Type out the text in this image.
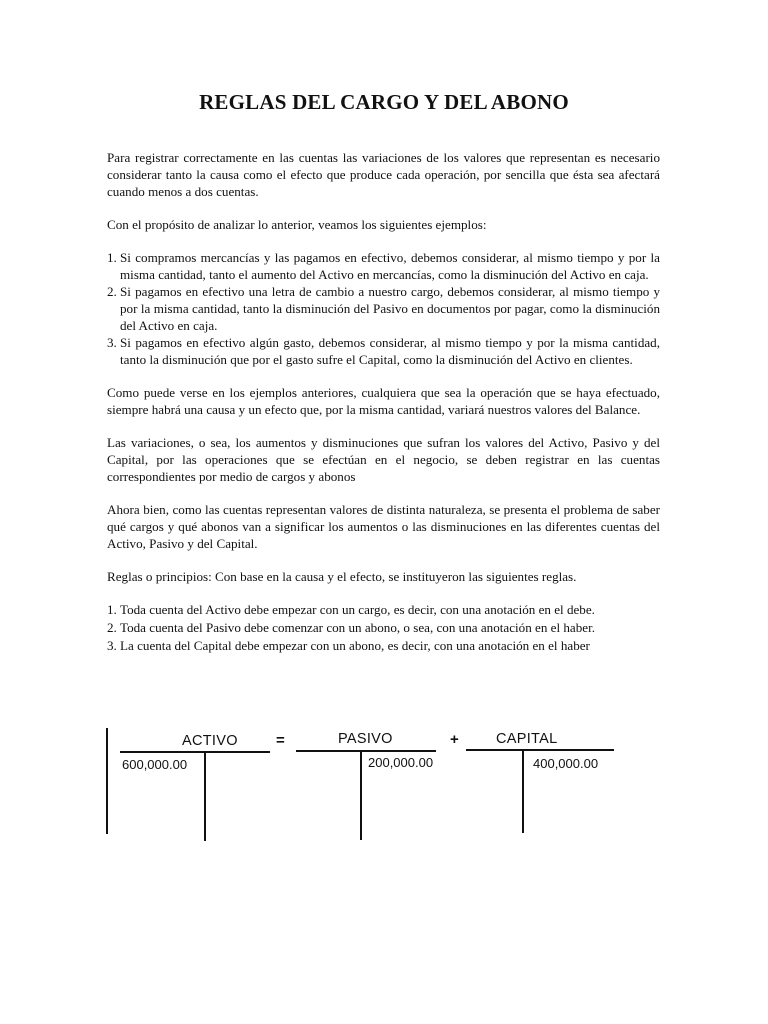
REGLAS DEL CARGO Y DEL ABONO

Para registrar correctamente en las cuentas las variaciones de los valores que representan es necesario considerar tanto la causa como el efecto que produce cada operación, por sencilla que ésta sea afectará cuando menos a dos cuentas.

Con el propósito de analizar lo anterior, veamos los siguientes ejemplos:

1. Si compramos mercancías y las pagamos en efectivo, debemos considerar, al mismo tiempo y por la misma cantidad, tanto el aumento del Activo en mercancías, como la disminución del Activo en caja.
2. Si pagamos en efectivo una letra de cambio a nuestro cargo, debemos considerar, al mismo tiempo y por la misma cantidad, tanto la disminución del Pasivo en documentos por pagar, como la disminución del Activo en caja.
3. Si pagamos en efectivo algún gasto, debemos considerar, al mismo tiempo y por la misma cantidad, tanto la disminución que por el gasto sufre el Capital, como la disminución del Activo en clientes.

Como puede verse en los ejemplos anteriores, cualquiera que sea la operación que se haya efectuado, siempre habrá una causa y un efecto que, por la misma cantidad, variará nuestros valores del Balance.

Las variaciones, o sea, los aumentos y disminuciones que sufran los valores del Activo, Pasivo y del Capital, por las operaciones que se efectúan en el negocio, se deben registrar en las cuentas correspondientes por medio de cargos y abonos

Ahora bien, como las cuentas representan valores de distinta naturaleza, se presenta el problema de saber qué cargos y qué abonos van a significar los aumentos o las disminuciones en las diferentes cuentas del Activo, Pasivo y del Capital.

Reglas o principios: Con base en la causa y el efecto, se instituyeron las siguientes reglas.

1. Toda cuenta del Activo debe empezar con un cargo, es decir, con una anotación en el debe.
2. Toda cuenta del Pasivo debe comenzar con un abono, o sea, con una anotación en el haber.
3. La cuenta del Capital debe empezar con un abono, es decir, con una anotación en el haber
ACTIVO
600,000.00
=	PASIVO
200,000.00
+	CAPITAL
400,000.00
